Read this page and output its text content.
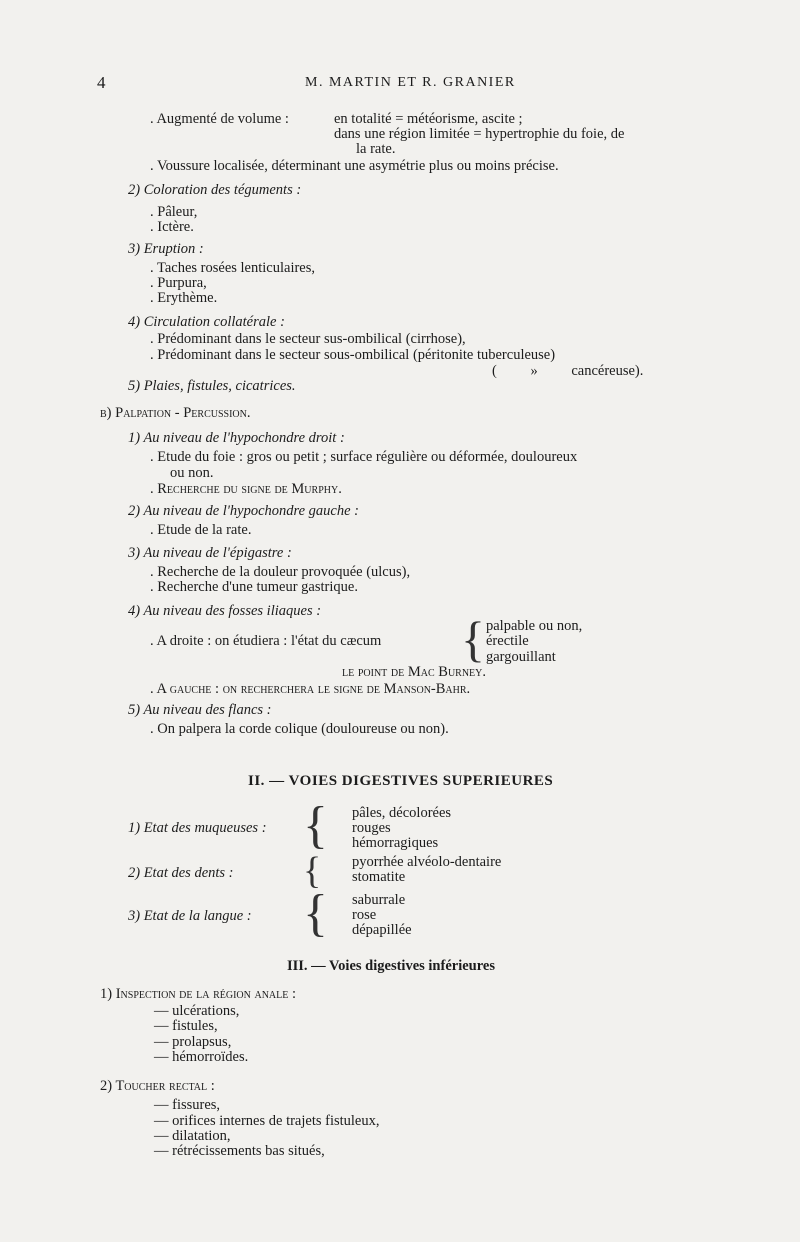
4	M. MARTIN ET R. GRANIER
. Augmenté de volume :	en totalité = météorisme, ascite ;
dans une région limitée = hypertrophie du foie, de
la rate.
. Voussure localisée, déterminant une asymétrie plus ou moins précise.
2) Coloration des téguments :
. Pâleur,
. Ictère.
3) Eruption :
. Taches rosées lenticulaires,
. Purpura,
. Erythème.
4) Circulation collatérale :
. Prédominant dans le secteur sus-ombilical (cirrhose),
. Prédominant dans le secteur sous-ombilical (péritonite tuberculeuse)
( » cancéreuse).
5) Plaies, fistules, cicatrices.
b) Palpation - Percussion.
1) Au niveau de l'hypochondre droit :
. Etude du foie : gros ou petit ; surface régulière ou déformée, douloureux
ou non.
. Recherche du signe de Murphy.
2) Au niveau de l'hypochondre gauche :
. Etude de la rate.
3) Au niveau de l'épigastre :
. Recherche de la douleur provoquée (ulcus),
. Recherche d'une tumeur gastrique.
4) Au niveau des fosses iliaques :
. A droite : on étudiera : l'état du cæcum { palpable ou non,
érectile
gargouillant
le point de Mac Burney.
. A gauche : on recherchera le signe de Manson-Bahr.
5) Au niveau des flancs :
. On palpera la corde colique (douloureuse ou non).
II. — VOIES DIGESTIVES SUPERIEURES
1) Etat des muqueuses : { pâles, décolorées
rouges
hémorragiques
2) Etat des dents : { pyorrhée alvéolo-dentaire
stomatite
3) Etat de la langue : { saburrale
rose
dépapillée
III. — Voies digestives inférieures
1) Inspection de la région anale :
— ulcérations,
— fistules,
— prolapsus,
— hémorroïdes.
2) Toucher rectal :
— fissures,
— orifices internes de trajets fistuleux,
— dilatation,
— rétrécissements bas situés,
